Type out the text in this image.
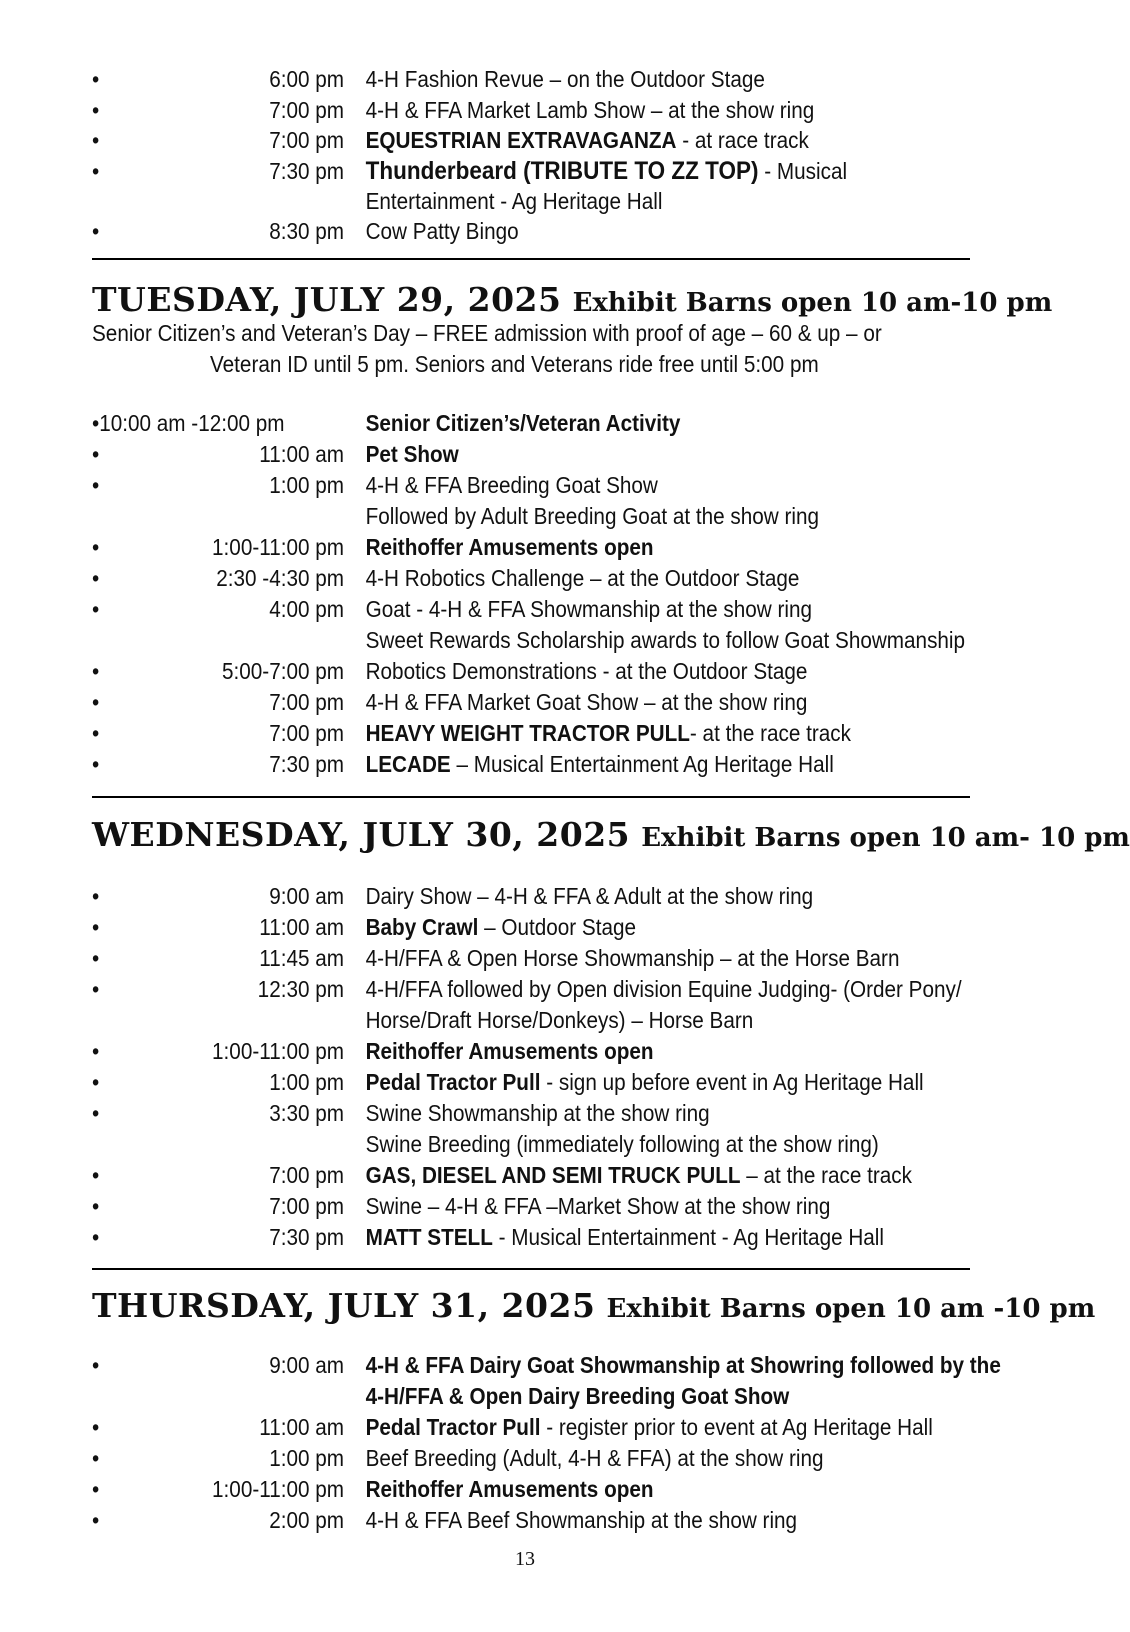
•	6:00 pm 4-H Fashion Revue – on the Outdoor Stage
•	7:00 pm 4-H & FFA Market Lamb Show – at the show ring
•	7:00 pm EQUESTRIAN EXTRAVAGANZA - at race track
•	7:30 pm Thunderbeard (TRIBUTE TO ZZ TOP) - Musical
Entertainment - Ag Heritage Hall
•	8:30 pm Cow Patty Bingo
TUESDAY, JULY 29, 2025 Exhibit Barns open 10 am-10 pm
Senior Citizen’s and Veteran’s Day – FREE admission with proof of age – 60 & up – or
Veteran ID until 5 pm. Seniors and Veterans ride free until 5:00 pm
•10:00 am -12:00 pm	Senior Citizen’s/Veteran Activity
•	11:00 am Pet Show
•	1:00 pm 4-H & FFA Breeding Goat Show
Followed by Adult Breeding Goat at the show ring
•	1:00-11:00 pm Reithoffer Amusements open
•	2:30 -4:30 pm 4-H Robotics Challenge – at the Outdoor Stage
•	4:00 pm Goat - 4-H & FFA Showmanship at the show ring
Sweet Rewards Scholarship awards to follow Goat Showmanship
•	5:00-7:00 pm Robotics Demonstrations - at the Outdoor Stage
•	7:00 pm 4-H & FFA Market Goat Show – at the show ring
•	7:00 pm HEAVY WEIGHT TRACTOR PULL- at the race track
•	7:30 pm LECADE – Musical Entertainment Ag Heritage Hall
WEDNESDAY, JULY 30, 2025 Exhibit Barns open 10 am- 10 pm
•	9:00 am Dairy Show – 4-H & FFA & Adult at the show ring
•	11:00 am Baby Crawl – Outdoor Stage
•	11:45 am 4-H/FFA & Open Horse Showmanship – at the Horse Barn
•	12:30 pm 4-H/FFA followed by Open division Equine Judging- (Order Pony/
Horse/Draft Horse/Donkeys) – Horse Barn
•	1:00-11:00 pm Reithoffer Amusements open
•	1:00 pm Pedal Tractor Pull - sign up before event in Ag Heritage Hall
•	3:30 pm Swine Showmanship at the show ring
Swine Breeding (immediately following at the show ring)
•	7:00 pm GAS, DIESEL AND SEMI TRUCK PULL – at the race track
•	7:00 pm Swine – 4-H & FFA –Market Show at the show ring
•	7:30 pm MATT STELL - Musical Entertainment - Ag Heritage Hall
THURSDAY, JULY 31, 2025 Exhibit Barns open 10 am -10 pm
•	9:00 am 4-H & FFA Dairy Goat Showmanship at Showring followed by the
4-H/FFA & Open Dairy Breeding Goat Show
•	11:00 am Pedal Tractor Pull - register prior to event at Ag Heritage Hall
•	1:00 pm Beef Breeding (Adult, 4-H & FFA) at the show ring
•	1:00-11:00 pm Reithoffer Amusements open
•	2:00 pm 4-H & FFA Beef Showmanship at the show ring
13
